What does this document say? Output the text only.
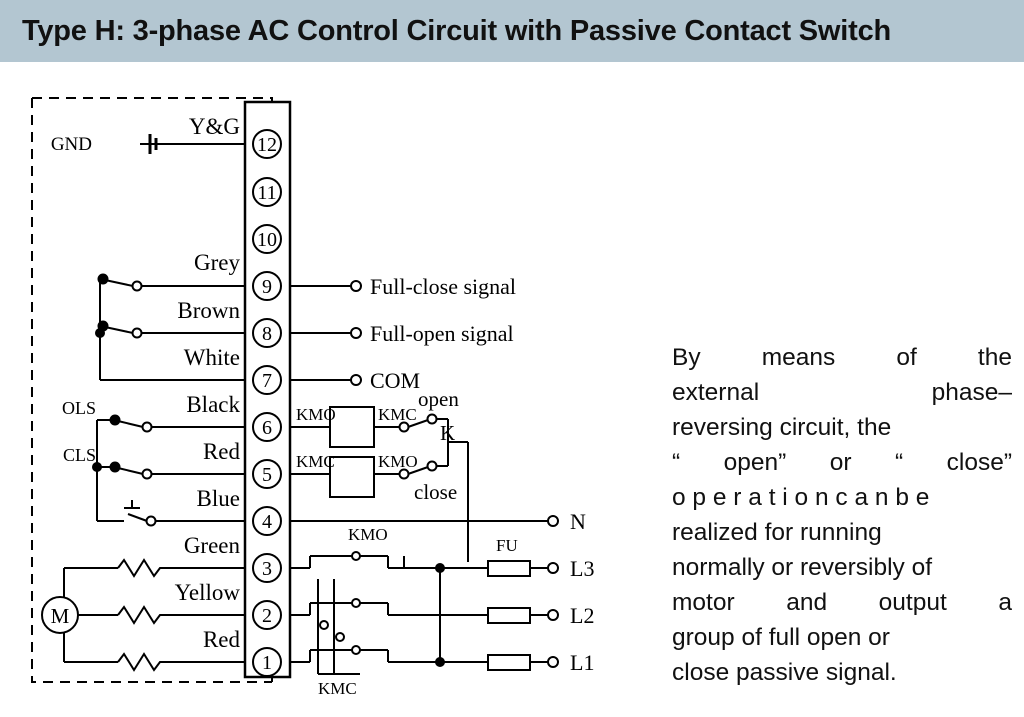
Type H: 3-phase AC Control Circuit with Passive Contact Switch
12
11
10
9
8
7
6
5
4
3
2
1
Y&G
Grey
Brown
White
Black
Red
Blue
Green
Yellow
Red
GND
OLS
CLS
M
Full-close signal
Full-open signal
COM
N
L3
L2
L1
KMO KMC
KMC	KMO
open
K
close
KMO
KMC
FU

By means of the

external phase–

reversing circuit, the

“ open” or “ close”

o p e r a t i o n c a n b e

realized for running

normally or reversibly of

motor and output a

group of full open or

close passive signal.
